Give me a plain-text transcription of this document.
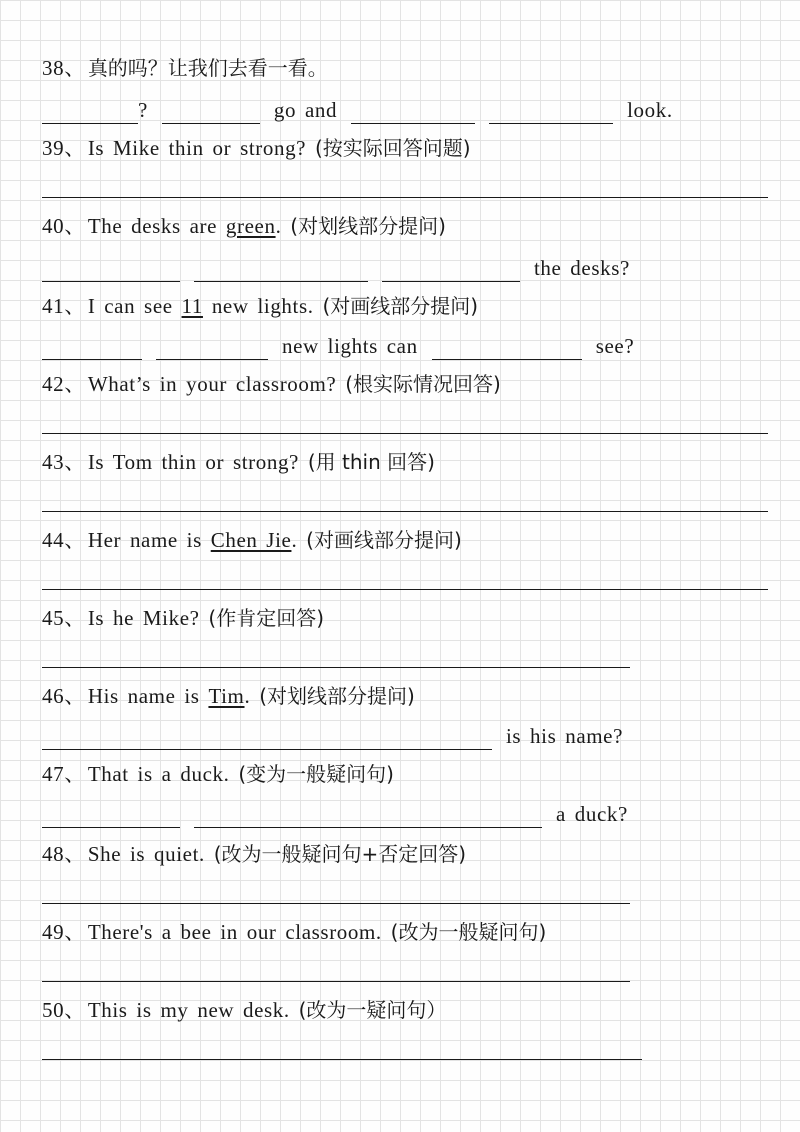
38、 真的吗？让我们去看一看。
?	go and	look.
39、 Is Mike thin or strong?
(按实际回答问题)
40、 The desks are
green .
(对划线部分提问)
the desks?
41、 I can see
11
new lights.
(对画线部分提问)
new lights can	see?
42、 What’s in your classroom?
(根实际情况回答)
43、 Is Tom thin or strong?
(用 thin 回答)
44、 Her name is
Chen Jie .
(对画线部分提问)
45、 Is he Mike?
(作肯定回答)
46、 His name is
Tim .
(对划线部分提问)
is his name?
47、 That is a duck.
(变为一般疑问句)
a duck?
48、 She is quiet.
(改为一般疑问句+否定回答)
49、 There's a bee in our classroom.
(改为一般疑问句)
50、 This is my new desk.
(改为一疑问句）
